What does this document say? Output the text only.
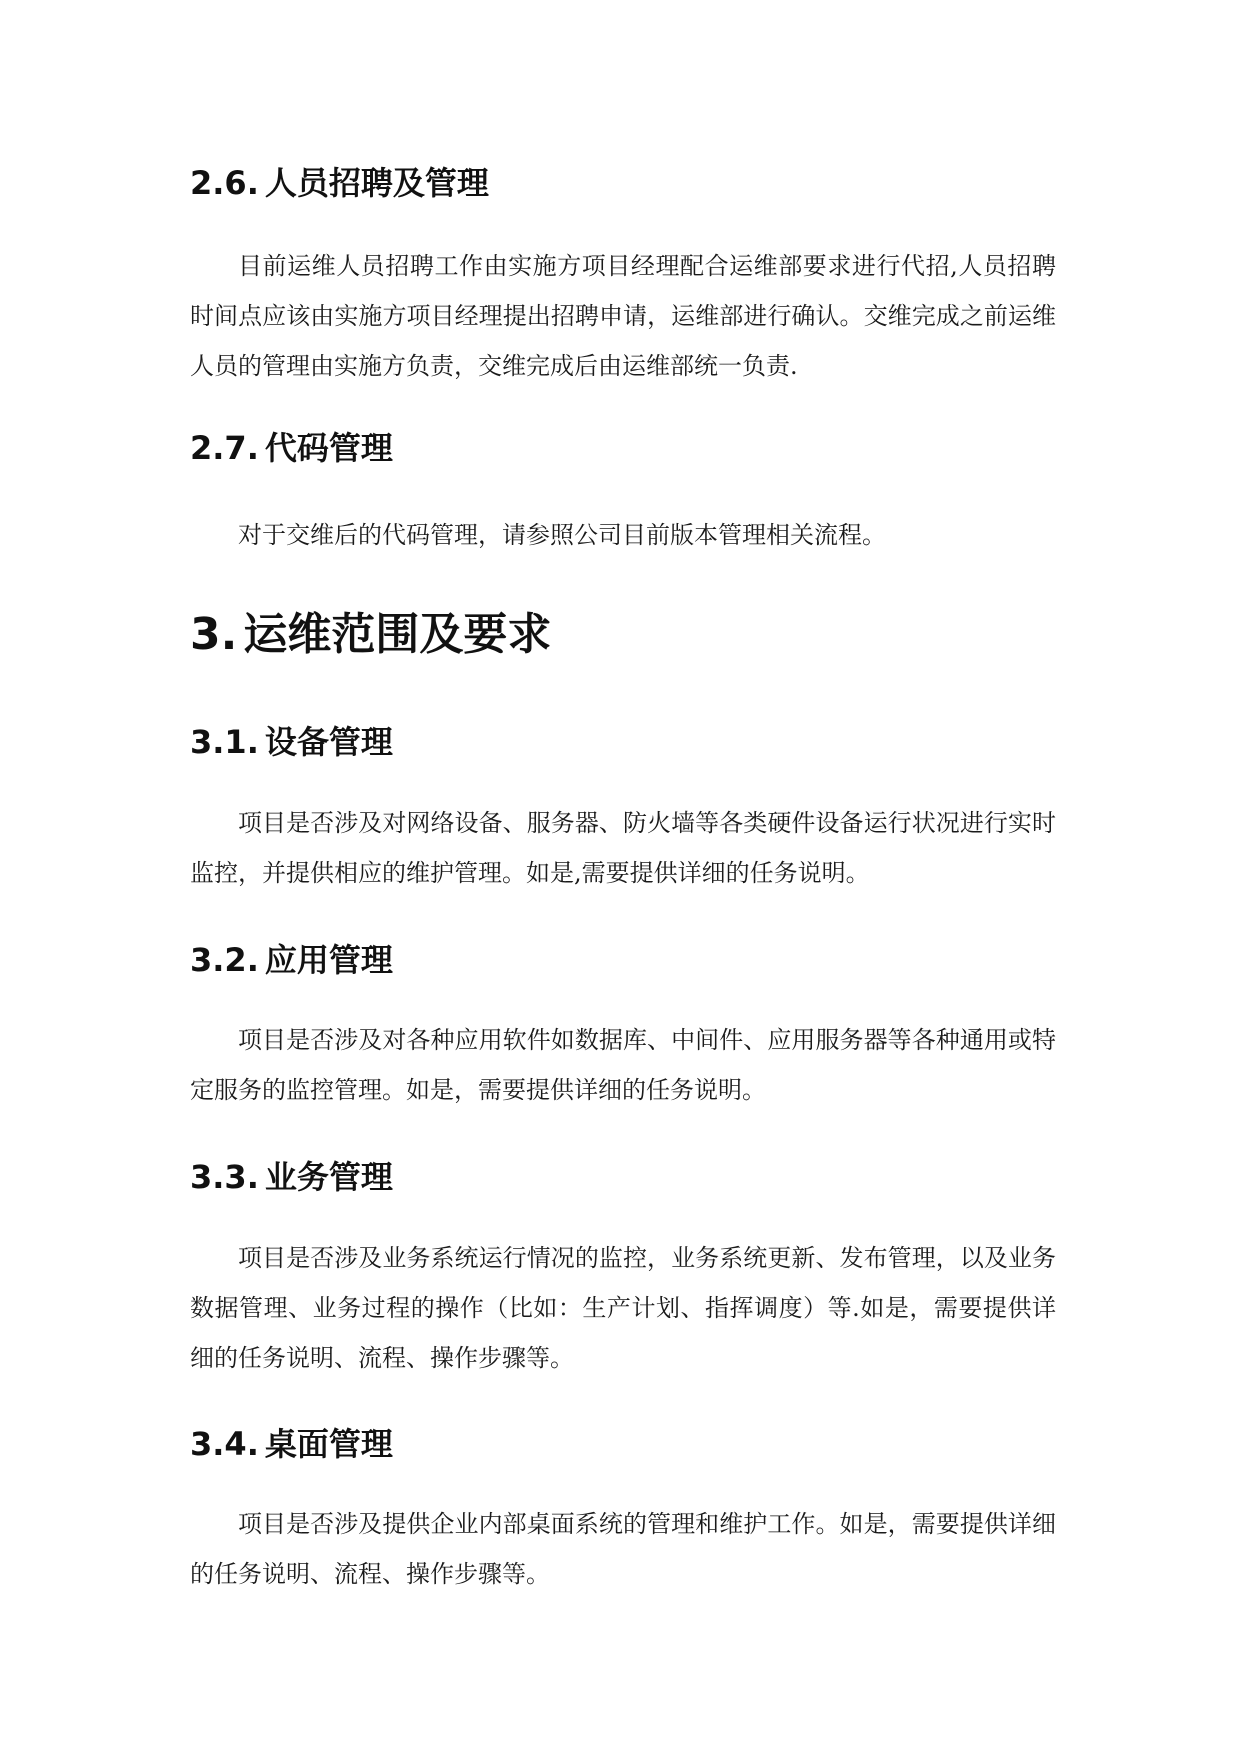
2.6. 人员招聘及管理

目前运维人员招聘工作由实施方项目经理配合运维部要求进行代招,人员招聘时间点应该由实施方项目经理提出招聘申请，运维部进行确认。交维完成之前运维人员的管理由实施方负责，交维完成后由运维部统一负责.

2.7. 代码管理

对于交维后的代码管理，请参照公司目前版本管理相关流程。

3. 运维范围及要求
3.1. 设备管理

项目是否涉及对网络设备、服务器、防火墙等各类硬件设备运行状况进行实时监控，并提供相应的维护管理。如是,需要提供详细的任务说明。

3.2. 应用管理

项目是否涉及对各种应用软件如数据库、中间件、应用服务器等各种通用或特定服务的监控管理。如是，需要提供详细的任务说明。

3.3. 业务管理

项目是否涉及业务系统运行情况的监控，业务系统更新、发布管理，以及业务数据管理、业务过程的操作（比如：生产计划、指挥调度）等.如是，需要提供详细的任务说明、流程、操作步骤等。

3.4. 桌面管理

项目是否涉及提供企业内部桌面系统的管理和维护工作。如是，需要提供详细的任务说明、流程、操作步骤等。
